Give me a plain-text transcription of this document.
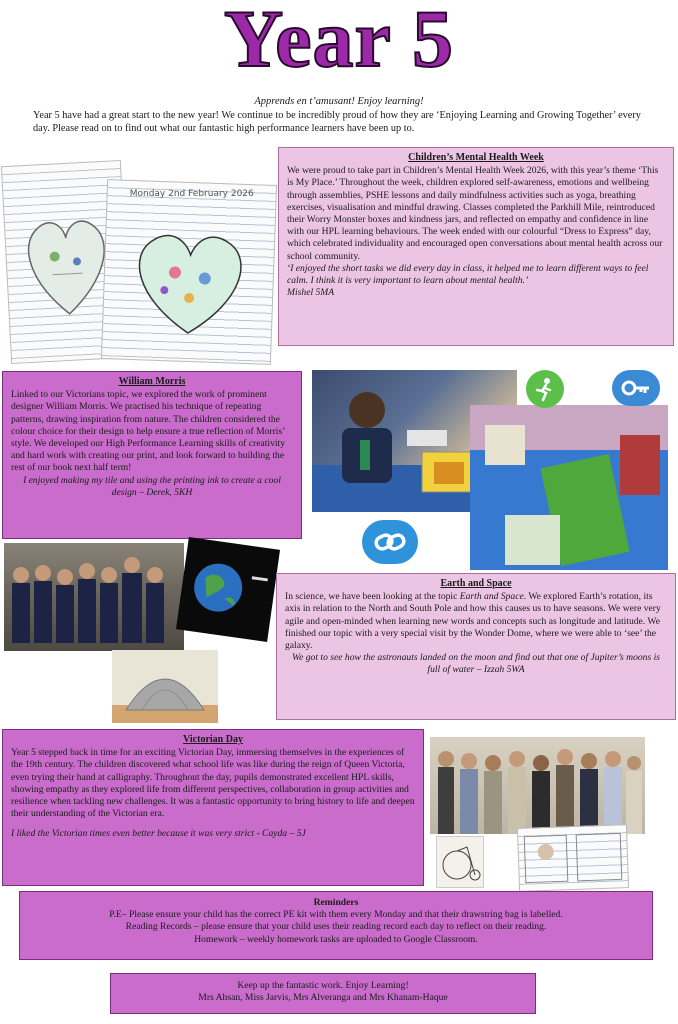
Year 5
Apprends en t’amusant! Enjoy learning!
Year 5 have had a great start to the new year! We continue to be incredibly proud of how they are ‘Enjoying Learning and Growing Together’ every day. Please read on to find out what our fantastic high performance learners have been up to.
Monday 2nd February 2026
Children’s Mental Health Week

We were proud to take part in Children’s Mental Health Week 2026, with this year’s theme ‘This is My Place.’ Throughout the week, children explored self-awareness, emotions and wellbeing through assemblies, PSHE lessons and daily mindfulness activities such as yoga, breathing exercises, visualisation and mindful drawing. Classes completed the Parkhill Mile, reintroduced their Worry Monster boxes and kindness jars, and reflected on empathy and confidence in line with our HPL learning behaviours. The week ended with our colourful “Dress to Express” day, which celebrated individuality and encouraged open conversations about mental health across our school community.

‘I enjoyed the short tasks we did every day in class, it helped me to learn different ways to feel calm. I think it is very important to learn about mental health.’

Mishel 5MA

William Morris

Linked to our Victorians topic, we explored the work of prominent designer William Morris. We practised his technique of repeating patterns, drawing inspiration from nature. The children considered the colour choice for their design to help ensure a true reflection of Morris’ style. We developed our High Performance Learning skills of creativity and hard work with creating our print, and look forward to building the rest of our book next half term!

I enjoyed making my tile and using the printing ink to create a cool design – Derek, 5KH

Earth and Space

In science, we have been looking at the topic Earth and Space. We explored Earth’s rotation, its axis in relation to the North and South Pole and how this causes us to have seasons. We were very agile and open-minded when learning new words and concepts such as longitude and latitude. We finished our topic with a very special visit by the Wonder Dome, where we were able to ‘see’ the galaxy.

We got to see how the astronauts landed on the moon and find out that one of Jupiter’s moons is full of water – Izzah 5WA

Victorian Day

Year 5 stepped back in time for an exciting Victorian Day, immersing themselves in the experiences of the 19th century. The children discovered what school life was like during the reign of Queen Victoria, even trying their hand at calligraphy. Throughout the day, pupils demonstrated excellent HPL skills, showing empathy as they explored life from different perspectives, collaboration in group activities and resilience when tackling new challenges. It was a fantastic opportunity to bring history to life and deepen their understanding of the Victorian era.

I liked the Victorian times even better because it was very strict - Cayda – 5J

Reminders

P.E– Please ensure your child has the correct PE kit with them every Monday and that their drawstring bag is labelled.

Reading Records – please ensure that your child uses their reading record each day to reflect on their reading.

Homework – weekly homework tasks are uploaded to Google Classroom.

Keep up the fantastic work. Enjoy Learning!

Mrs Ahsan, Miss Jarvis, Mrs Alveranga and Mrs Khanam-Haque
